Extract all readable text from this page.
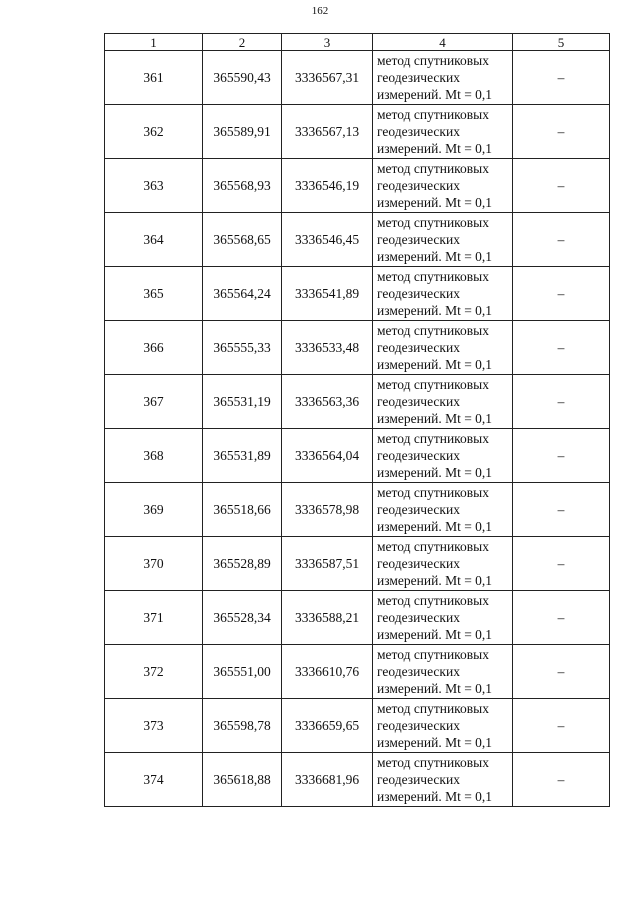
162
1	2	3	4	5
361	365590,43	3336567,31	метод спутниковых
геодезических
измерений. Mt = 0,1	–
362	365589,91	3336567,13	метод спутниковых
геодезических
измерений. Mt = 0,1	–
363	365568,93	3336546,19	метод спутниковых
геодезических
измерений. Mt = 0,1	–
364	365568,65	3336546,45	метод спутниковых
геодезических
измерений. Mt = 0,1	–
365	365564,24	3336541,89	метод спутниковых
геодезических
измерений. Mt = 0,1	–
366	365555,33	3336533,48	метод спутниковых
геодезических
измерений. Mt = 0,1	–
367	365531,19	3336563,36	метод спутниковых
геодезических
измерений. Mt = 0,1	–
368	365531,89	3336564,04	метод спутниковых
геодезических
измерений. Mt = 0,1	–
369	365518,66	3336578,98	метод спутниковых
геодезических
измерений. Mt = 0,1	–
370	365528,89	3336587,51	метод спутниковых
геодезических
измерений. Mt = 0,1	–
371	365528,34	3336588,21	метод спутниковых
геодезических
измерений. Mt = 0,1	–
372	365551,00	3336610,76	метод спутниковых
геодезических
измерений. Mt = 0,1	–
373	365598,78	3336659,65	метод спутниковых
геодезических
измерений. Mt = 0,1	–
374	365618,88	3336681,96	метод спутниковых
геодезических
измерений. Mt = 0,1	–
